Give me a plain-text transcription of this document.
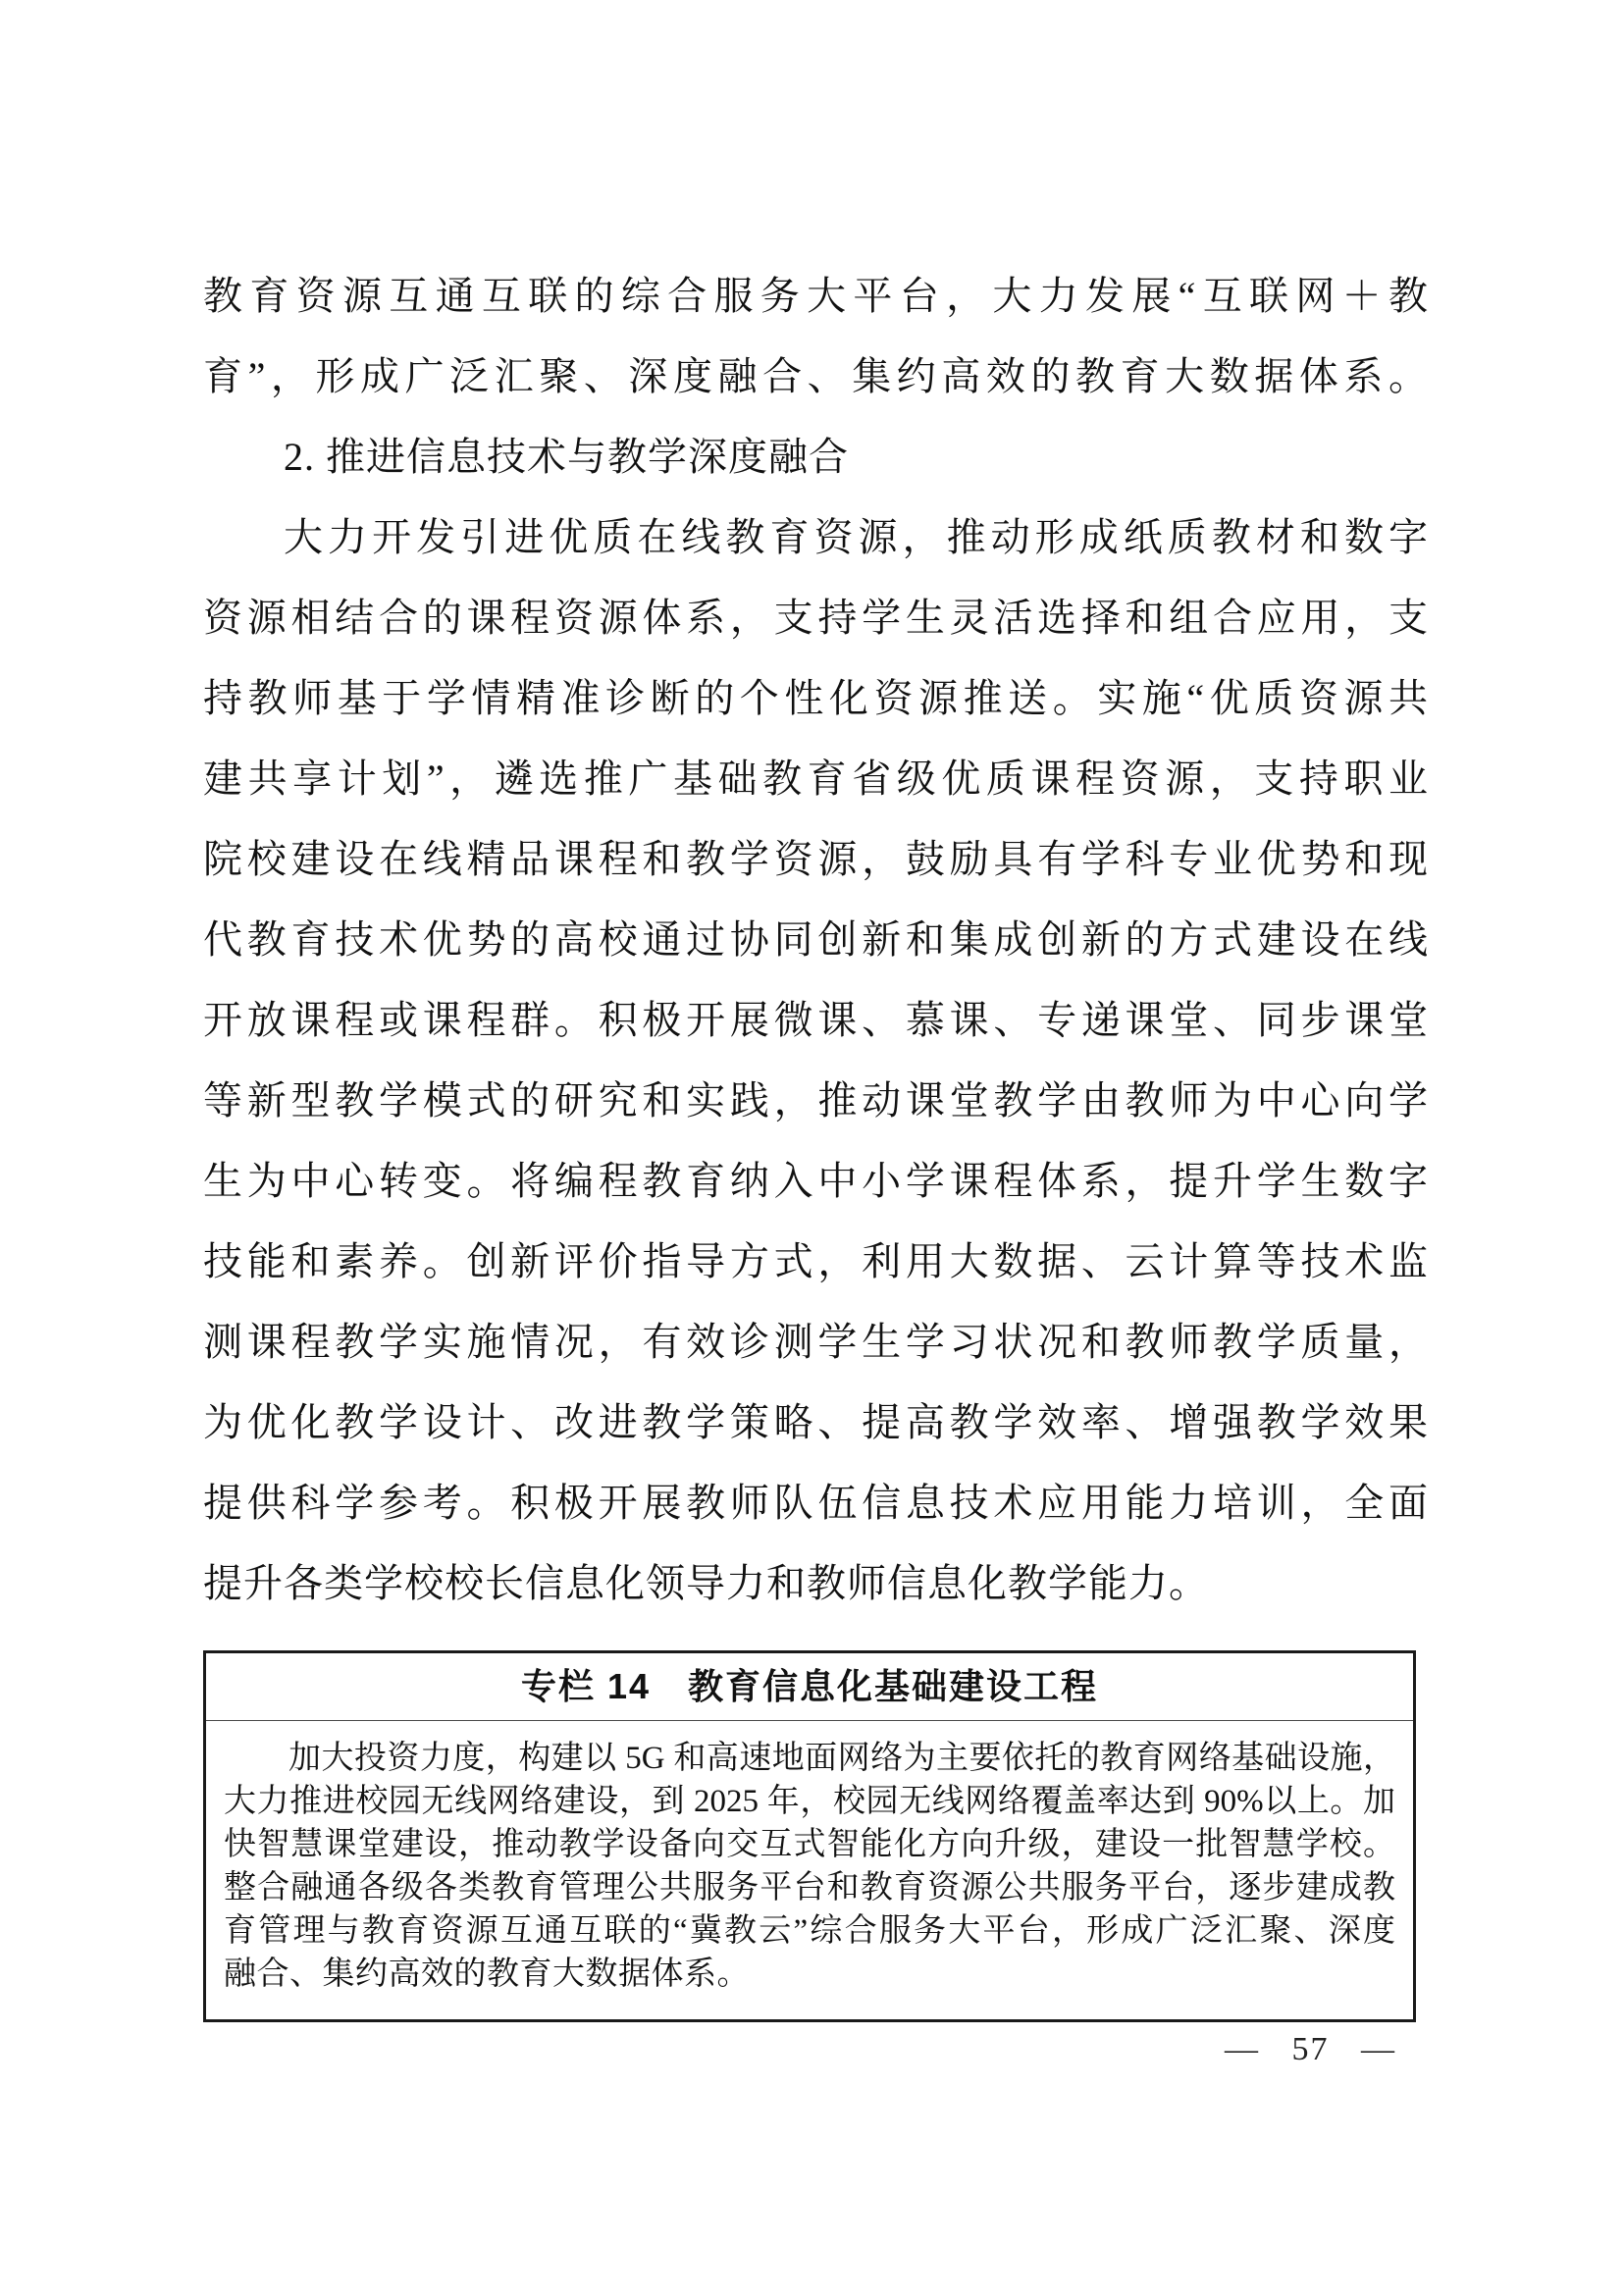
教育资源互通互联的综合服务大平台，大力发展“互联网＋教
育”，形成广泛汇聚、深度融合、集约高效的教育大数据体系。
2. 推进信息技术与教学深度融合
大力开发引进优质在线教育资源，推动形成纸质教材和数字
资源相结合的课程资源体系，支持学生灵活选择和组合应用，支
持教师基于学情精准诊断的个性化资源推送。实施“优质资源共
建共享计划”，遴选推广基础教育省级优质课程资源，支持职业
院校建设在线精品课程和教学资源，鼓励具有学科专业优势和现
代教育技术优势的高校通过协同创新和集成创新的方式建设在线
开放课程或课程群。积极开展微课、慕课、专递课堂、同步课堂
等新型教学模式的研究和实践，推动课堂教学由教师为中心向学
生为中心转变。将编程教育纳入中小学课程体系，提升学生数字
技能和素养。创新评价指导方式，利用大数据、云计算等技术监
测课程教学实施情况，有效诊测学生学习状况和教师教学质量，
为优化教学设计、改进教学策略、提高教学效率、增强教学效果
提供科学参考。积极开展教师队伍信息技术应用能力培训，全面
提升各类学校校长信息化领导力和教师信息化教学能力。
专栏 14　教育信息化基础建设工程
加大投资力度，构建以 5G 和高速地面网络为主要依托的教育网络基础设施，
大力推进校园无线网络建设，到 2025 年，校园无线网络覆盖率达到 90%以上。加
快智慧课堂建设，推动教学设备向交互式智能化方向升级，建设一批智慧学校。
整合融通各级各类教育管理公共服务平台和教育资源公共服务平台，逐步建成教
育管理与教育资源互通互联的“冀教云”综合服务大平台，形成广泛汇聚、深度
融合、集约高效的教育大数据体系。
— 57 —
